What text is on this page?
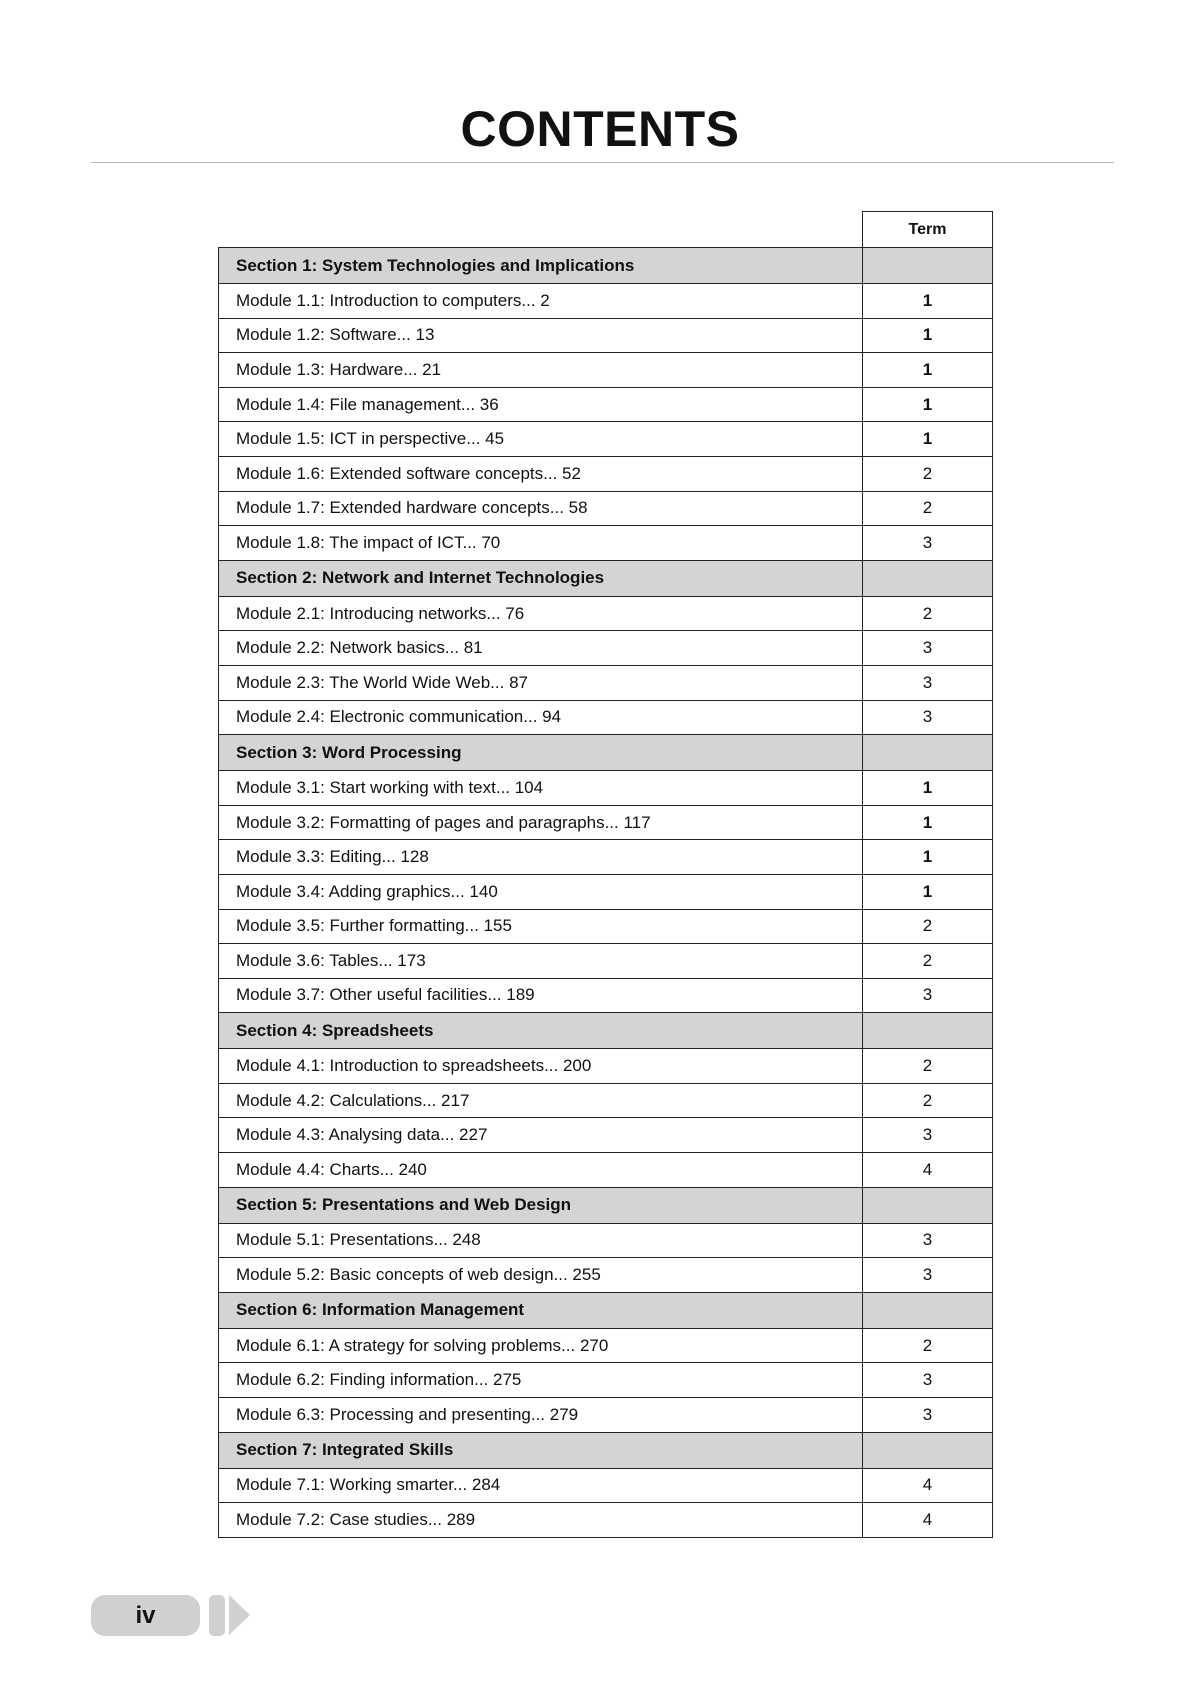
CONTENTS
	Term
Section 1: System Technologies and Implications	
Module 1.1: Introduction to computers... 2	1
Module 1.2: Software... 13	1
Module 1.3: Hardware... 21	1
Module 1.4: File management... 36	1
Module 1.5: ICT in perspective... 45	1
Module 1.6: Extended software concepts... 52	2
Module 1.7: Extended hardware concepts... 58	2
Module 1.8: The impact of ICT... 70	3
Section 2: Network and Internet Technologies	
Module 2.1: Introducing networks... 76	2
Module 2.2: Network basics... 81	3
Module 2.3: The World Wide Web... 87	3
Module 2.4: Electronic communication... 94	3
Section 3: Word Processing	
Module 3.1: Start working with text... 104	1
Module 3.2: Formatting of pages and paragraphs... 117	1
Module 3.3: Editing... 128	1
Module 3.4: Adding graphics... 140	1
Module 3.5: Further formatting... 155	2
Module 3.6: Tables... 173	2
Module 3.7: Other useful facilities... 189	3
Section 4: Spreadsheets	
Module 4.1: Introduction to spreadsheets... 200	2
Module 4.2: Calculations... 217	2
Module 4.3: Analysing data... 227	3
Module 4.4: Charts... 240	4
Section 5: Presentations and Web Design	
Module 5.1: Presentations... 248	3
Module 5.2: Basic concepts of web design... 255	3
Section 6: Information Management	
Module 6.1: A strategy for solving problems... 270	2
Module 6.2: Finding information... 275	3
Module 6.3: Processing and presenting... 279	3
Section 7: Integrated Skills	
Module 7.1: Working smarter... 284	4
Module 7.2: Case studies... 289	4
iv
